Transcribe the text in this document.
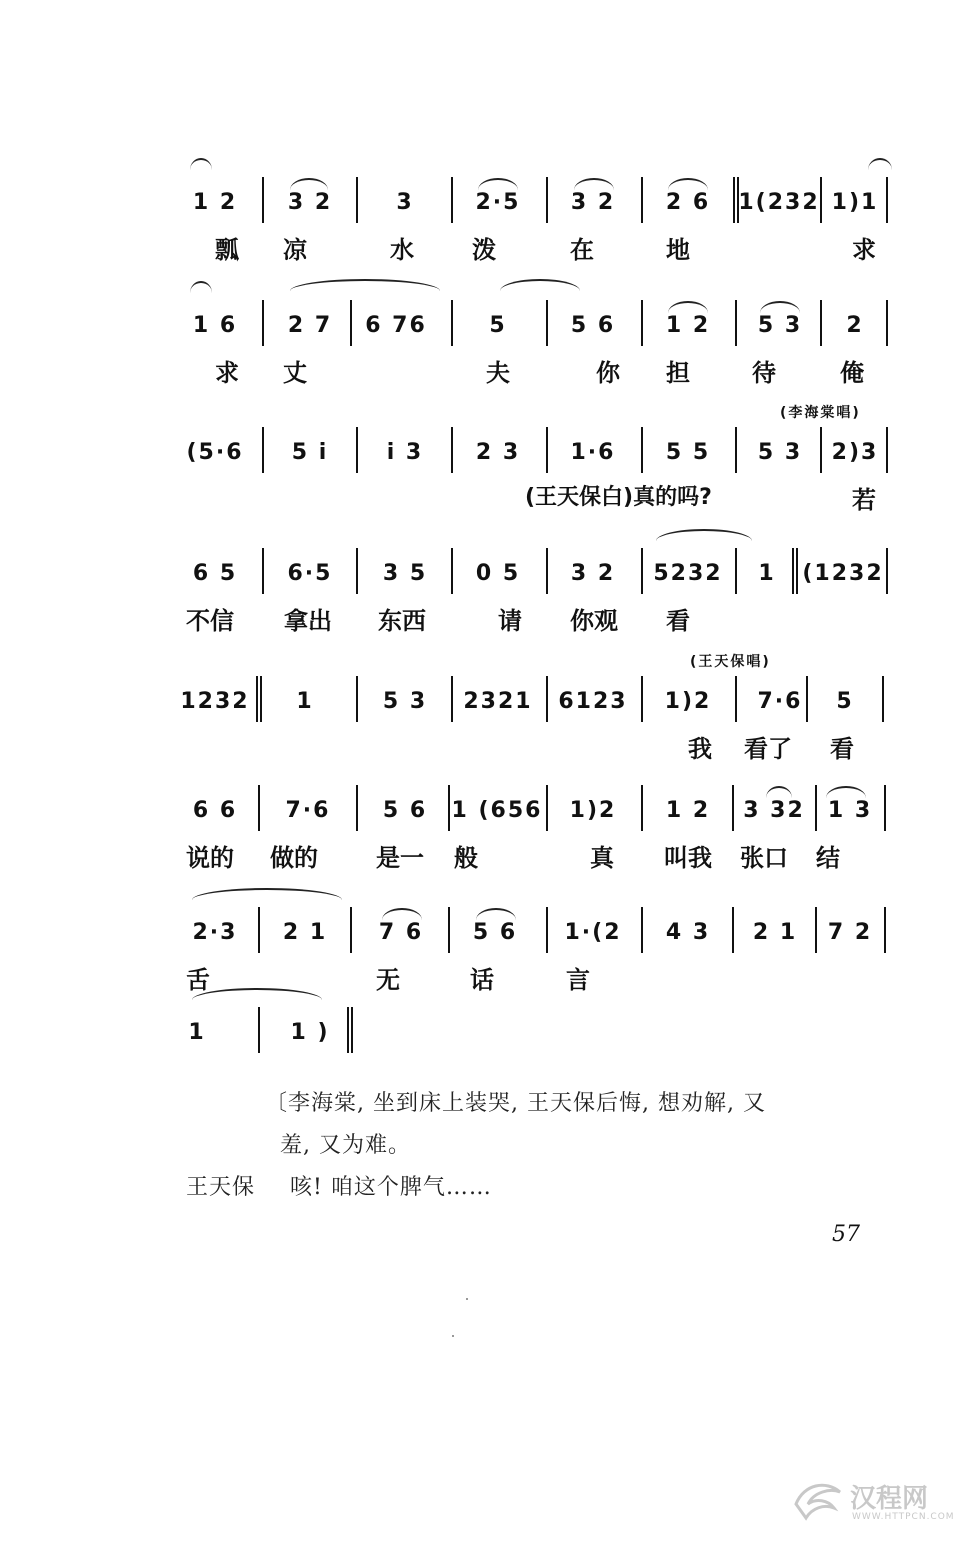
1 2	3 2	3	2·5	3 2	2 6	1(232 1)1
瓢 凉	水 泼	在	地	求
1 6	2 7	6 76	5	5 6	1 2	5 3	2
求 丈	夫	你 担	待	俺
(李海棠唱)
(5·6	5 i	i 3	2 3	1·6	5 5	5 3	2)3
(王天保白)真的吗?	若
6 5	6·5	3 5	0 5	3 2	5232	1	(1232
不信 拿出 东西	请 你观 看
(王天保唱)
1232	1	5 3	2321 6123	1)2	7·6	5
我 看了 看
6 6	7·6	5 6	1 (656	1)2	1 2	3 32	1 3
说的 做的 是一 般	真 叫我 张口 结
2·3	2 1	7 6	5 6	1·(2	4 3	2 1	7 2
舌	无	话	言
1	1 )
〔李海棠, 坐到床上装哭, 王天保后悔, 想劝解, 又
羞, 又为难。
王天保 咳! 咱这个脾气……
57
汉程网
WWW.HTTPCN.COM
